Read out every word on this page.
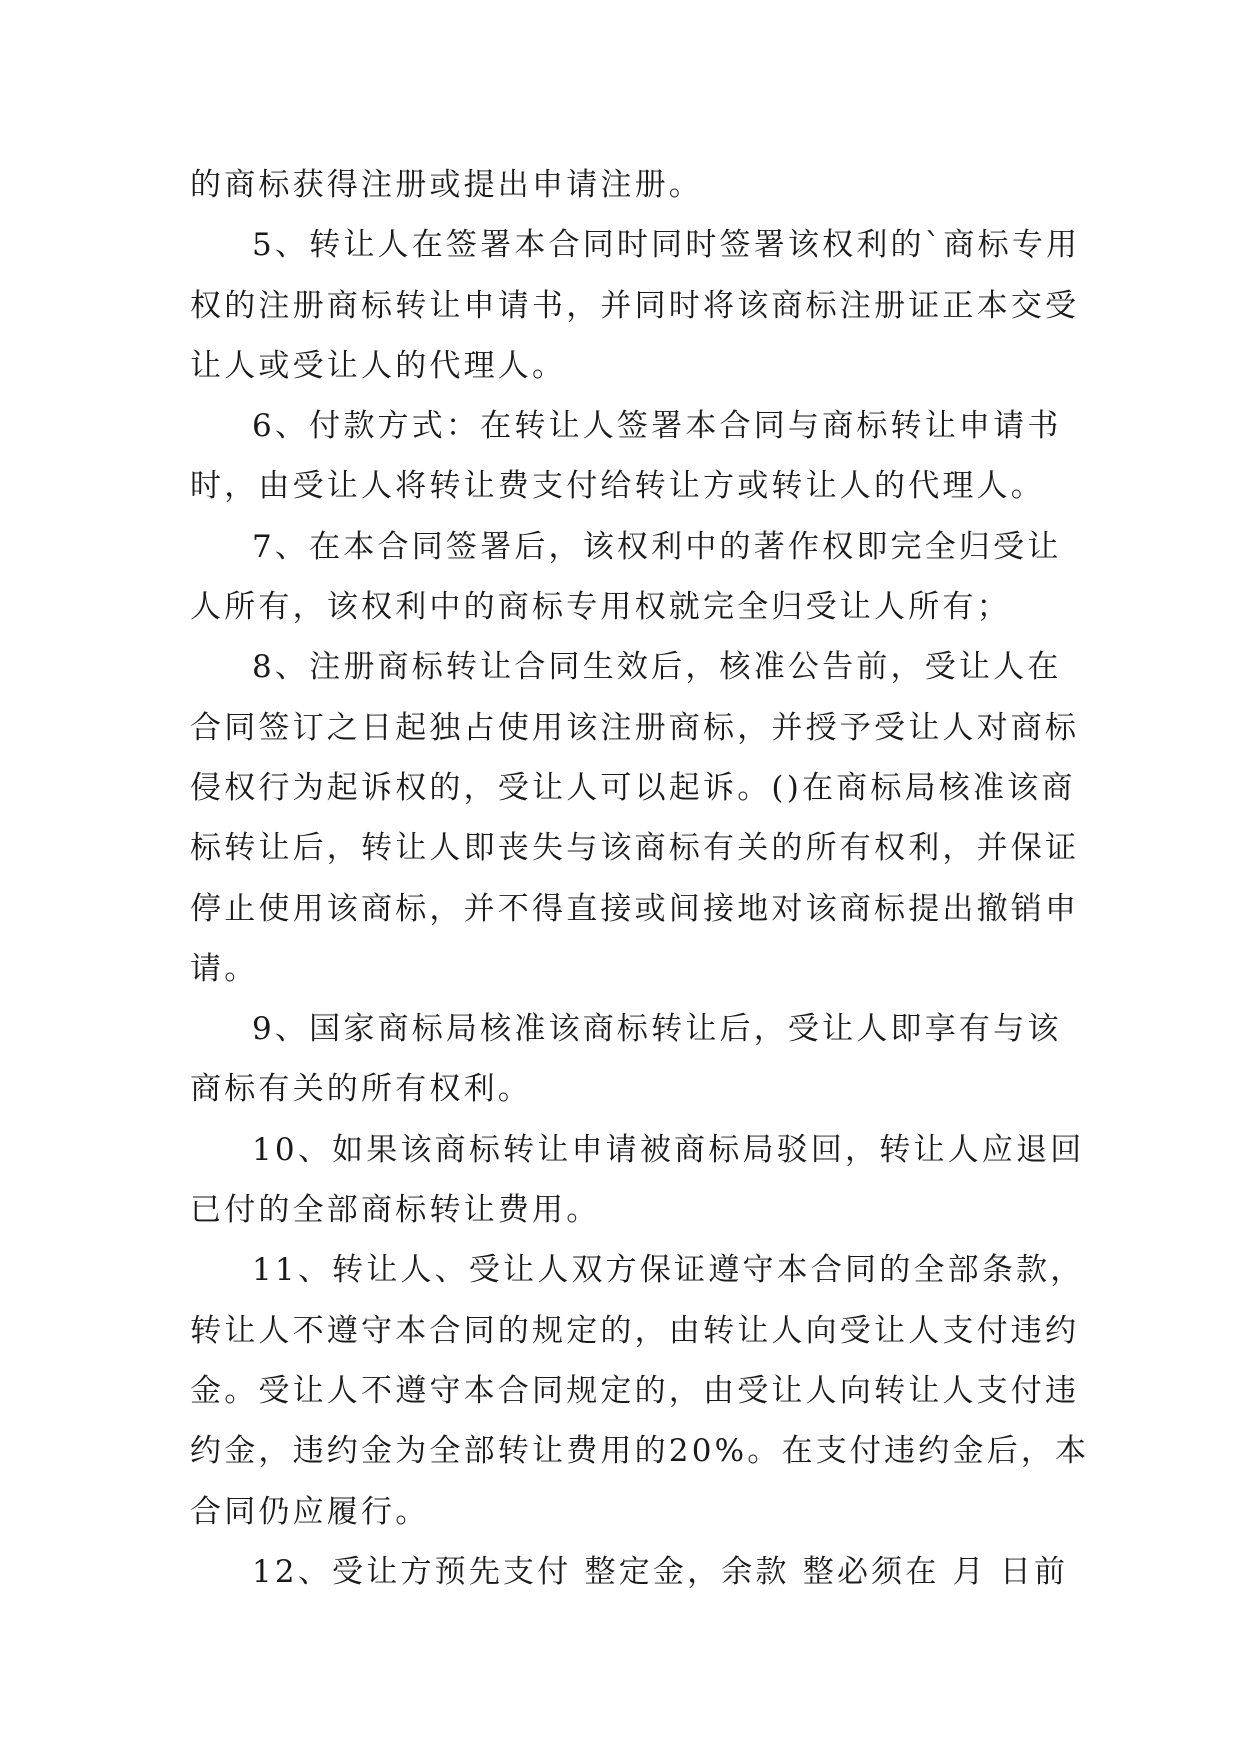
的商标获得注册或提出申请注册。
5、转让人在签署本合同时同时签署该权利的`商标专用
权的注册商标转让申请书，并同时将该商标注册证正本交受
让人或受让人的代理人。
6、付款方式：在转让人签署本合同与商标转让申请书
时，由受让人将转让费支付给转让方或转让人的代理人。
7、在本合同签署后，该权利中的著作权即完全归受让
人所有，该权利中的商标专用权就完全归受让人所有；
8、注册商标转让合同生效后，核准公告前，受让人在
合同签订之日起独占使用该注册商标，并授予受让人对商标
侵权行为起诉权的，受让人可以起诉。()在商标局核准该商
标转让后，转让人即丧失与该商标有关的所有权利，并保证
停止使用该商标，并不得直接或间接地对该商标提出撤销申
请。
9、国家商标局核准该商标转让后，受让人即享有与该
商标有关的所有权利。
10、如果该商标转让申请被商标局驳回，转让人应退回
已付的全部商标转让费用。
11、转让人、受让人双方保证遵守本合同的全部条款，
转让人不遵守本合同的规定的，由转让人向受让人支付违约
金。受让人不遵守本合同规定的，由受让人向转让人支付违
约金，违约金为全部转让费用的20%。在支付违约金后，本
合同仍应履行。
12、受让方预先支付 整定金，余款 整必须在 月 日前
